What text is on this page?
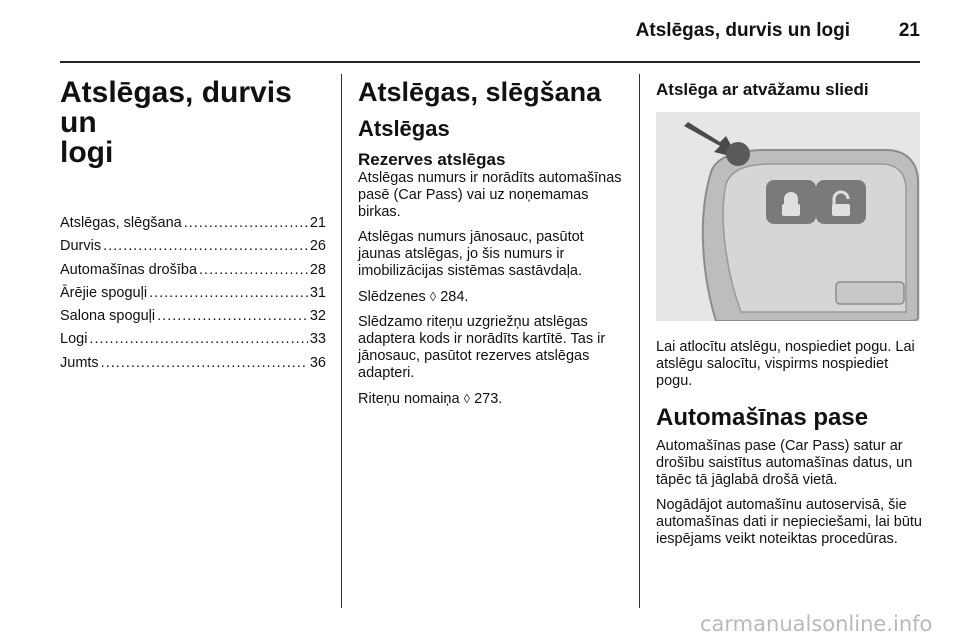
Atslēgas, durvis un logi	21
Atslēgas, durvis un
logi
Atslēgas, slēgšana .....	21
Durvis .....	26
Automašīnas drošība .....	28
Ārējie spoguļi .....	31
Salona spoguļi .....	32
Logi .....	33
Jumts .....	36
Atslēgas, slēgšana
Atslēgas
Rezerves atslēgas

Atslēgas numurs ir norādīts automašīnas pasē (Car Pass) vai uz noņemamas birkas.

Atslēgas numurs jānosauc, pasūtot jaunas atslēgas, jo šis numurs ir imobilizācijas sistēmas sastāvdaļa.

Slēdzenes ◊ 284.

Slēdzamo riteņu uzgriežņu atslēgas adaptera kods ir norādīts kartītē. Tas ir jānosauc, pasūtot rezerves atslēgas adapteri.

Riteņu nomaiņa ◊ 273.

Atslēga ar atvāžamu sliedi

Lai atlocītu atslēgu, nospiediet pogu. Lai atslēgu salocītu, vispirms nospiediet pogu.

Automašīnas pase

Automašīnas pase (Car Pass) satur ar drošību saistītus automašīnas datus, un tāpēc tā jāglabā drošā vietā.

Nogādājot automašīnu autoservisā, šie automašīnas dati ir nepieciešami, lai būtu iespējams veikt noteiktas procedūras.

carmanualsonline.info
